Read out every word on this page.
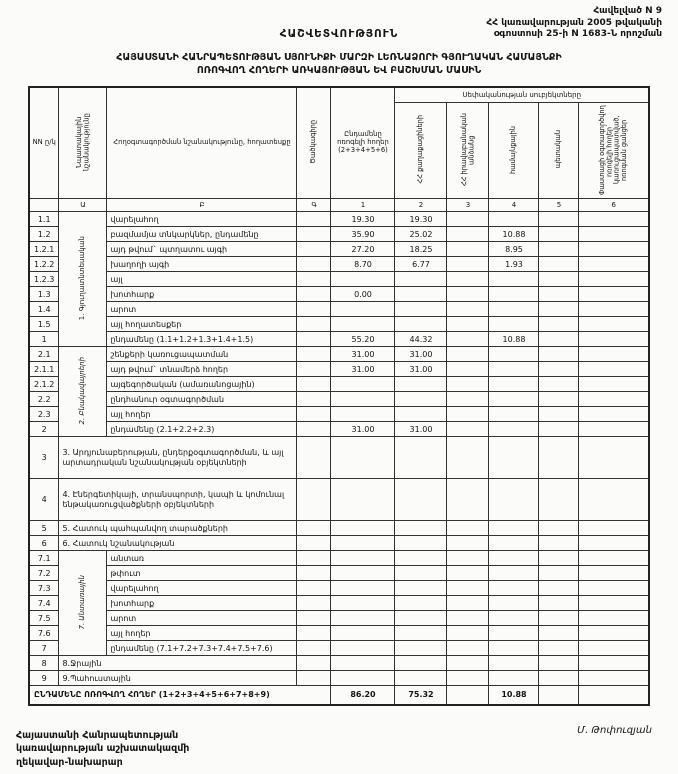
Հավելված N 9
ՀՀ կառավարության 2005 թվականի
օգոստոսի 25-ի N 1683-Ն որոշման
ՀԱՇՎԵՏՎՈՒԹՅՈՒՆ
ՀԱՅԱՍՏԱՆԻ ՀԱՆՐԱՊԵՏՈՒԹՅԱՆ ՍՅՈՒՆԻՔԻ ՄԱՐԶԻ ԼԵՌՆԱՁՈՐԻ ԳՅՈՒՂԱԿԱՆ ՀԱՄԱՅՆՔԻ
ՈՌՈԳՎՈՂ ՀՈՂԵՐԻ ԱՌԿԱՅՈՒԹՅԱՆ ԵՎ ԲԱՇԽՄԱՆ ՄԱՍԻՆ
NN ը/կ	Նպատակային նշանակությունը	Հողօգտագործման նշանակությունը, հողատեսքը	Ծածկագիրը	Ընդամենը ոռոգելի հողեր (2+3+4+5+6)	Սեփականության սուբյեկտները				
					ՀՀ քաղաքացիների	ՀՀ իրավաբանական անձանց	համայնքային	պետական	Փաստացի օգտագործվող ոռոգելի հողեր` կառուցապատված, ոռոգման ցանցեր
	Ա	Բ	Գ	1	2	3	4	5	6
1.1	1. Գյուղատնտեսական	վարելահող		19.30	19.30				
1.2		բազմամյա տնկարկներ, ընդամենը		35.90	25.02		10.88		
1.2.1		այդ թվում` պտղատու այգի		27.20	18.25		8.95		
1.2.2		խաղողի այգի		8.70	6.77		1.93		
1.2.3		այլ							
1.3		խոտհարք		0.00					
1.4		արոտ							
1.5		այլ հողատեսքեր							
1		ընդամենը (1.1+1.2+1.3+1.4+1.5)		55.20	44.32		10.88		
2.1	2. Բնակավայրերի	շենքերի կառուցապատման		31.00	31.00				
2.1.1		այդ թվում` տնամերձ հողեր		31.00	31.00				
2.1.2		այգեգործական (ամառանոցային)							
2.2		ընդհանուր օգտագործման							
2.3		այլ հողեր							
2		ընդամենը (2.1+2.2+2.3)		31.00	31.00				
3	3. Արդյունաբերության, ընդերքօգտագործման, և այլ արտադրական նշանակության օբյեկտների								
4	4. Էներգետիկայի, տրանսպորտի, կապի և կոմունալ ենթակառուցվածքների օբյեկտների								
5	5. Հատուկ պահպանվող տարածքների								
6	6. Հատուկ նշանակության								
7.1	7. Անտառային	անտառ							
7.2		թփուտ							
7.3		վարելահող							
7.4		խոտհարք							
7.5		արոտ							
7.6		այլ հողեր							
7		ընդամենը (7.1+7.2+7.3+7.4+7.5+7.6)							
8	8.Ջրային								
9	9.Պահուստային								
ԸՆԴԱՄԵՆԸ ՈՌՈԳՎՈՂ ՀՈՂԵՐ (1+2+3+4+5+6+7+8+9)				86.20	75.32		10.88		
Հայաստանի Հանրապետության
կառավարության աշխատակազմի
ղեկավար-նախարար
Մ. Թոփուզյան
